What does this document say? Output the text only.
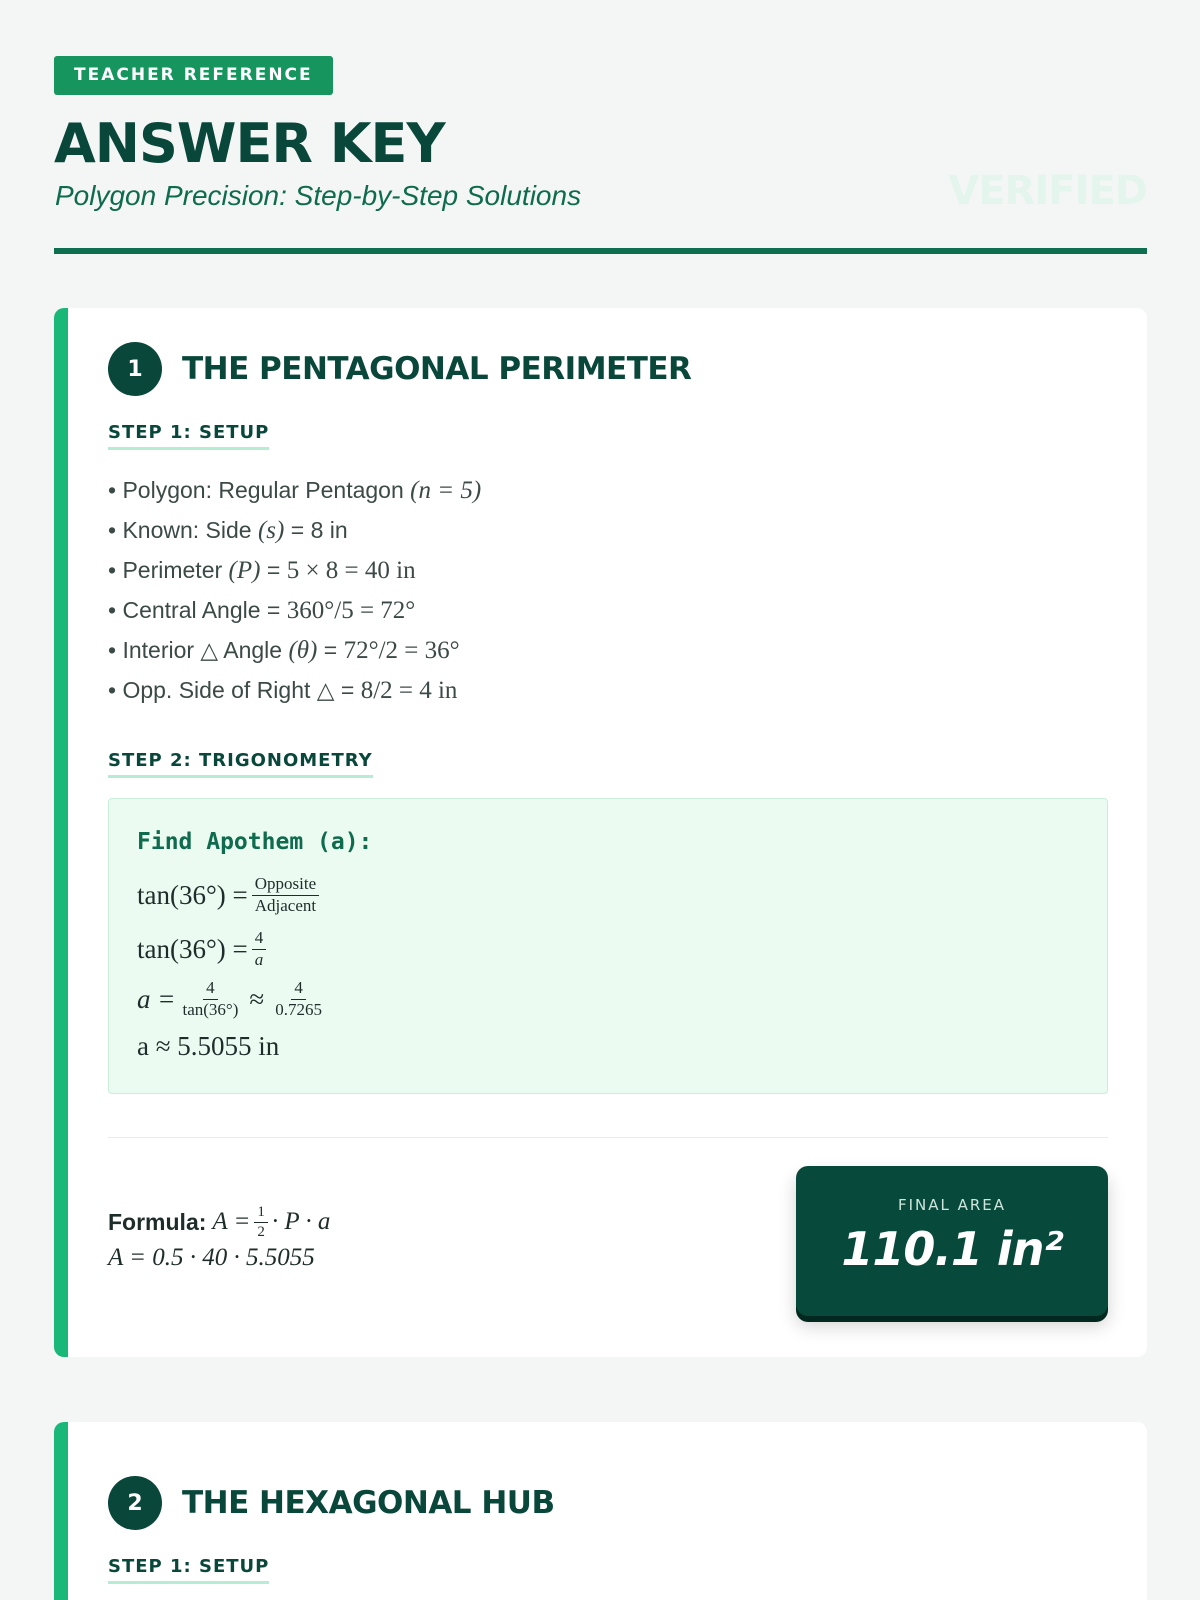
TEACHER REFERENCE
ANSWER KEY
Polygon Precision: Step-by-Step Solutions	VERIFIED
1	THE PENTAGONAL PERIMETER
STEP 1: SETUP
• Polygon: Regular Pentagon (n = 5)
• Known: Side (s) = 8 in
• Perimeter (P) = 5 × 8 = 40 in
• Central Angle = 360°/5 = 72°
• Interior △ Angle (θ) = 72°/2 = 36°
• Opp. Side of Right △ = 8/2 = 4 in
STEP 2: TRIGONOMETRY
Find Apothem (a):
$\tan(36^\circ) = \frac{\text{Opposite}}{\text{Adjacent}}$
$\tan(36^\circ) = \frac{4}{a}$
$a = \frac{4}{\tan(36^\circ)} \approx \frac{4}{0.7265}$
a ≈ 5.5055 in
Formula: $A = \frac{1}{2} \cdot P \cdot a$
A = 0.5 · 40 · 5.5055
FINAL AREA
110.1 in²
2	THE HEXAGONAL HUB
STEP 1: SETUP
